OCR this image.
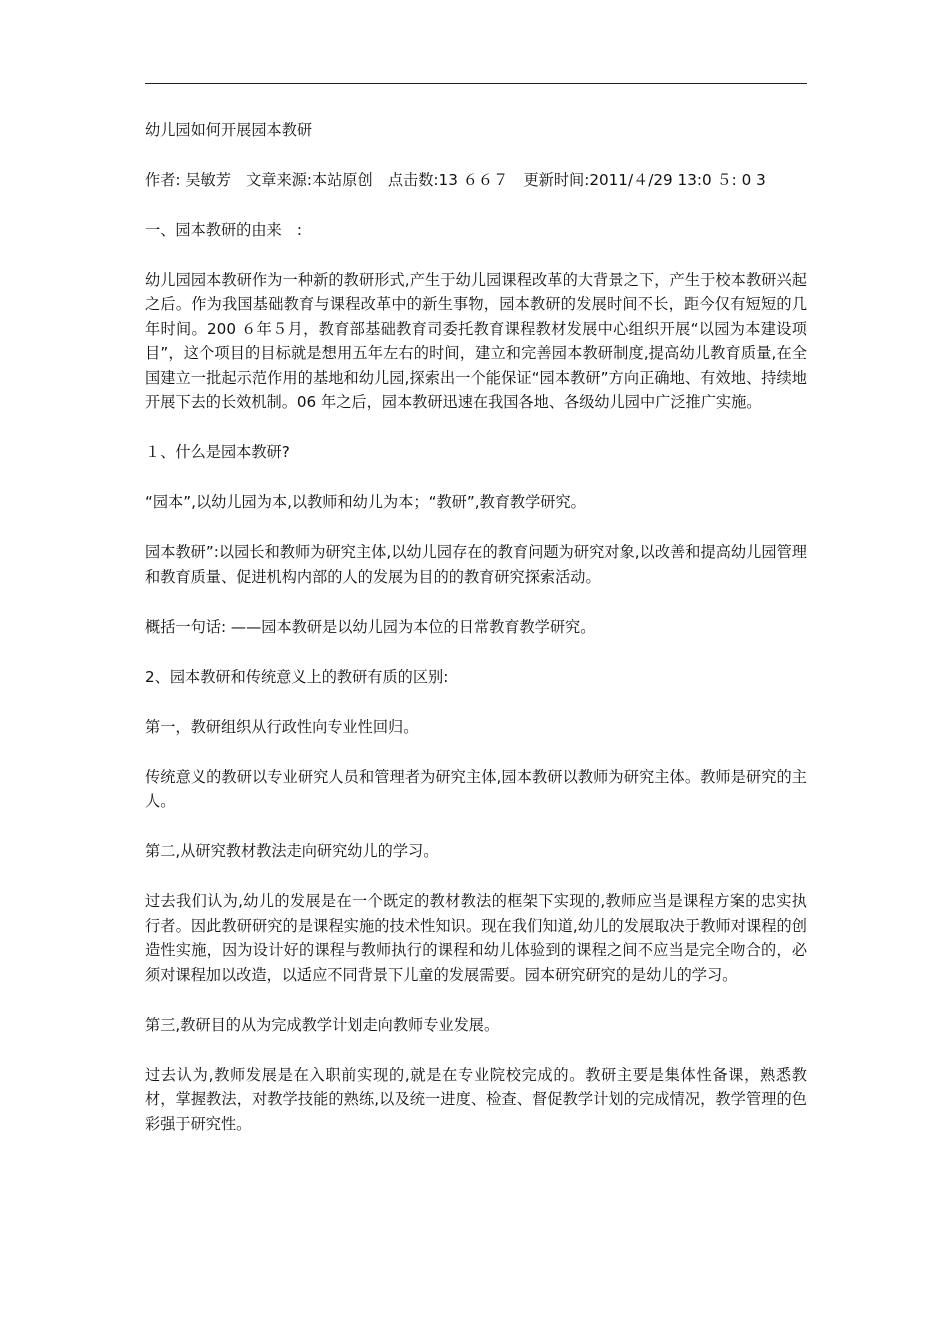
幼儿园如何开展园本教研

作者: 吴敏芳　文章来源:本站原创　点击数:13 ６６７　更新时间:2011/４/29 13:0 ５: 0 3

一、园本教研的由来　:

幼儿园园本教研作为一种新的教研形式,产生于幼儿园课程改革的大背景之下，产生于校本教研兴起之后。作为我国基础教育与课程改革中的新生事物，园本教研的发展时间不长，距今仅有短短的几年时间。200 ６年５月，教育部基础教育司委托教育课程教材发展中心组织开展“以园为本建设项目”，这个项目的目标就是想用五年左右的时间，建立和完善园本教研制度,提高幼儿教育质量,在全国建立一批起示范作用的基地和幼儿园,探索出一个能保证“园本教研”方向正确地、有效地、持续地开展下去的长效机制。06 年之后，园本教研迅速在我国各地、各级幼儿园中广泛推广实施。

１、什么是园本教研?

“园本”,以幼儿园为本,以教师和幼儿为本；“教研”,教育教学研究。

园本教研”:以园长和教师为研究主体,以幼儿园存在的教育问题为研究对象,以改善和提高幼儿园管理和教育质量、促进机构内部的人的发展为目的的教育研究探索活动。

概括一句话: ——园本教研是以幼儿园为本位的日常教育教学研究。

2、园本教研和传统意义上的教研有质的区别:

第一，教研组织从行政性向专业性回归。

传统意义的教研以专业研究人员和管理者为研究主体,园本教研以教师为研究主体。教师是研究的主人。

第二,从研究教材教法走向研究幼儿的学习。

过去我们认为,幼儿的发展是在一个既定的教材教法的框架下实现的,教师应当是课程方案的忠实执行者。因此教研研究的是课程实施的技术性知识。现在我们知道,幼儿的发展取决于教师对课程的创造性实施，因为设计好的课程与教师执行的课程和幼儿体验到的课程之间不应当是完全吻合的，必须对课程加以改造，以适应不同背景下儿童的发展需要。园本研究研究的是幼儿的学习。

第三,教研目的从为完成教学计划走向教师专业发展。

过去认为,教师发展是在入职前实现的,就是在专业院校完成的。教研主要是集体性备课，熟悉教材，掌握教法，对教学技能的熟练,以及统一进度、检查、督促教学计划的完成情况，教学管理的色彩强于研究性。
